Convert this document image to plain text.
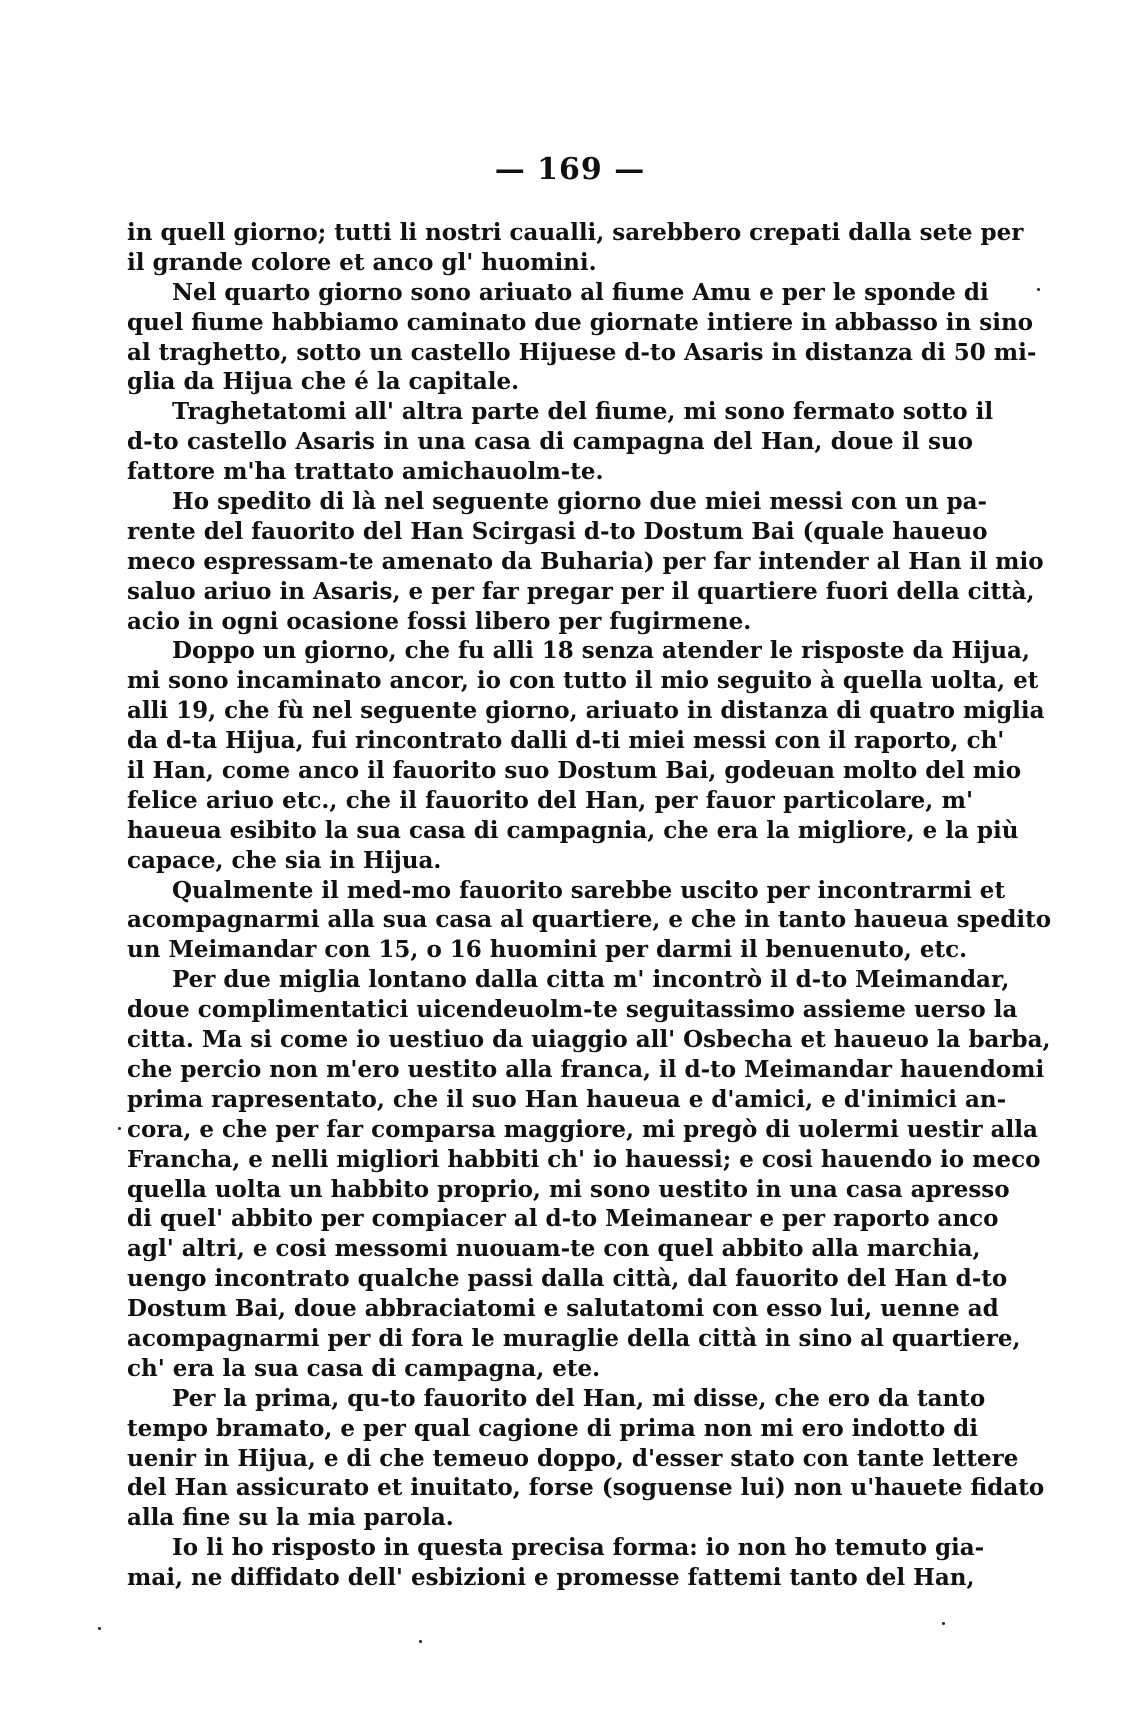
— 169 —
in quell giorno; tutti li nostri caualli, sarebbero crepati dalla sete per
il grande colore et anco gl' huomini.
Nel quarto giorno sono ariuato al fiume Amu e per le sponde di
quel fiume habbiamo caminato due giornate intiere in abbasso in sino
al traghetto, sotto un castello Hijuese d-to Asaris in distanza di 50 mi-
glia da Hijua che é la capitale.
Traghetatomi all' altra parte del fiume, mi sono fermato sotto il
d-to castello Asaris in una casa di campagna del Han, doue il suo
fattore m'ha trattato amichauolm-te.
Ho spedito di là nel seguente giorno due miei messi con un pa-
rente del fauorito del Han Scirgasi d-to Dostum Bai (quale haueuo
meco espressam-te amenato da Buharia) per far intender al Han il mio
saluo ariuo in Asaris, e per far pregar per il quartiere fuori della città,
acio in ogni ocasione fossi libero per fugirmene.
Doppo un giorno, che fu alli 18 senza atender le risposte da Hijua,
mi sono incaminato ancor, io con tutto il mio seguito à quella uolta, et
alli 19, che fù nel seguente giorno, ariuato in distanza di quatro miglia
da d-ta Hijua, fui rincontrato dalli d-ti miei messi con il raporto, ch'
il Han, come anco il fauorito suo Dostum Bai, godeuan molto del mio
felice ariuo etc., che il fauorito del Han, per fauor particolare, m'
haueua esibito la sua casa di campagnia, che era la migliore, e la più
capace, che sia in Hijua.
Qualmente il med-mo fauorito sarebbe uscito per incontrarmi et
acompagnarmi alla sua casa al quartiere, e che in tanto haueua spedito
un Meimandar con 15, o 16 huomini per darmi il benuenuto, etc.
Per due miglia lontano dalla citta m' incontrò il d-to Meimandar,
doue complimentatici uicendeuolm-te seguitassimo assieme uerso la
citta. Ma si come io uestiuo da uiaggio all' Osbecha et haueuo la barba,
che percio non m'ero uestito alla franca, il d-to Meimandar hauendomi
prima rapresentato, che il suo Han haueua e d'amici, e d'inimici an-
cora, e che per far comparsa maggiore, mi pregò di uolermi uestir alla
Francha, e nelli migliori habbiti ch' io hauessi; e cosi hauendo io meco
quella uolta un habbito proprio, mi sono uestito in una casa apresso
di quel' abbito per compiacer al d-to Meimanear e per raporto anco
agl' altri, e cosi messomi nuouam-te con quel abbito alla marchia,
uengo incontrato qualche passi dalla città, dal fauorito del Han d-to
Dostum Bai, doue abbraciatomi e salutatomi con esso lui, uenne ad
acompagnarmi per di fora le muraglie della città in sino al quartiere,
ch' era la sua casa di campagna, ete.
Per la prima, qu-to fauorito del Han, mi disse, che ero da tanto
tempo bramato, e per qual cagione di prima non mi ero indotto di
uenir in Hijua, e di che temeuo doppo, d'esser stato con tante lettere
del Han assicurato et inuitato, forse (soguense lui) non u'hauete fidato
alla fine su la mia parola.
Io li ho risposto in questa precisa forma: io non ho temuto gia-
mai, ne diffidato dell' esbizioni e promesse fattemi tanto del Han,
